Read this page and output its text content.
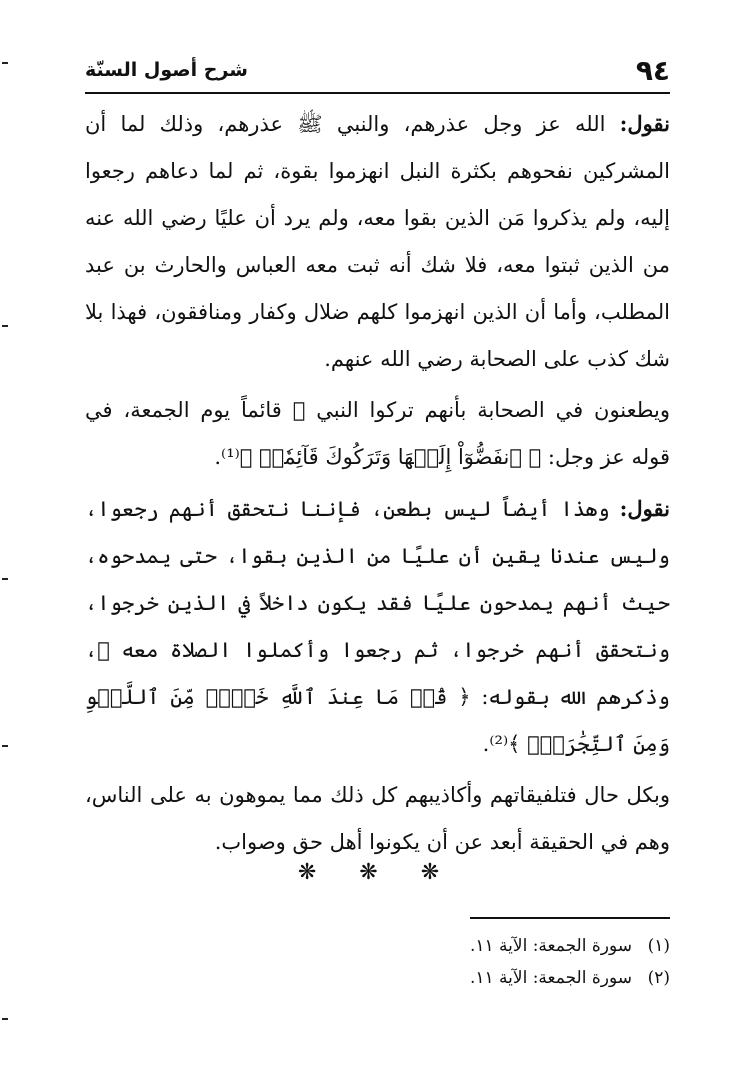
٩٤
شرح أصول السنّة

نقول: الله عز وجل عذرهم، والنبي ﷺ عذرهم، وذلك لما أن المشركين نفحوهم بكثرة النبل انهزموا بقوة، ثم لما دعاهم رجعوا إليه، ولم يذكروا مَن الذين بقوا معه، ولم يرد أن عليًا رضي الله عنه من الذين ثبتوا معه، فلا شك أنه ثبت معه العباس والحارث بن عبد المطلب، وأما أن الذين انهزموا كلهم ضلال وكفار ومنافقون، فهذا بلا شك كذب على الصحابة رضي الله عنهم.

ويطعنون في الصحابة بأنهم تركوا النبي ﷺ قائماً يوم الجمعة، في قوله عز وجل: ﴿ ٱنفَضُّوٓاْ إِلَيۡهَا وَتَرَكُوكَ قَآئِمٗاۚ ﴾⁽¹⁾.

نقول: وهذا أيضاً ليس بطعن، فإننا نتحقق أنهم رجعوا، وليس عندنا يقين أن عليًا من الذين بقوا، حتى يمدحوه، حيث أنهم يمدحون عليًا فقد يكون داخلاً في الذين خرجوا، ونتحقق أنهم خرجوا، ثم رجعوا وأكملوا الصلاة معه ﷺ، وذكرهم الله بقوله: ﴿ قُلۡ مَا عِندَ ٱللَّهِ خَيۡرٞ مِّنَ ٱللَّهۡوِ وَمِنَ ٱلتِّجَٰرَةِۚ ﴾⁽²⁾.

وبكل حال فتلفيقاتهم وأكاذيبهم كل ذلك مما يموهون به على الناس، وهم في الحقيقة أبعد عن أن يكونوا أهل حق وصواب.

❋ ❋ ❋

(١)سورة الجمعة: الآية ١١.

(٢)سورة الجمعة: الآية ١١.
